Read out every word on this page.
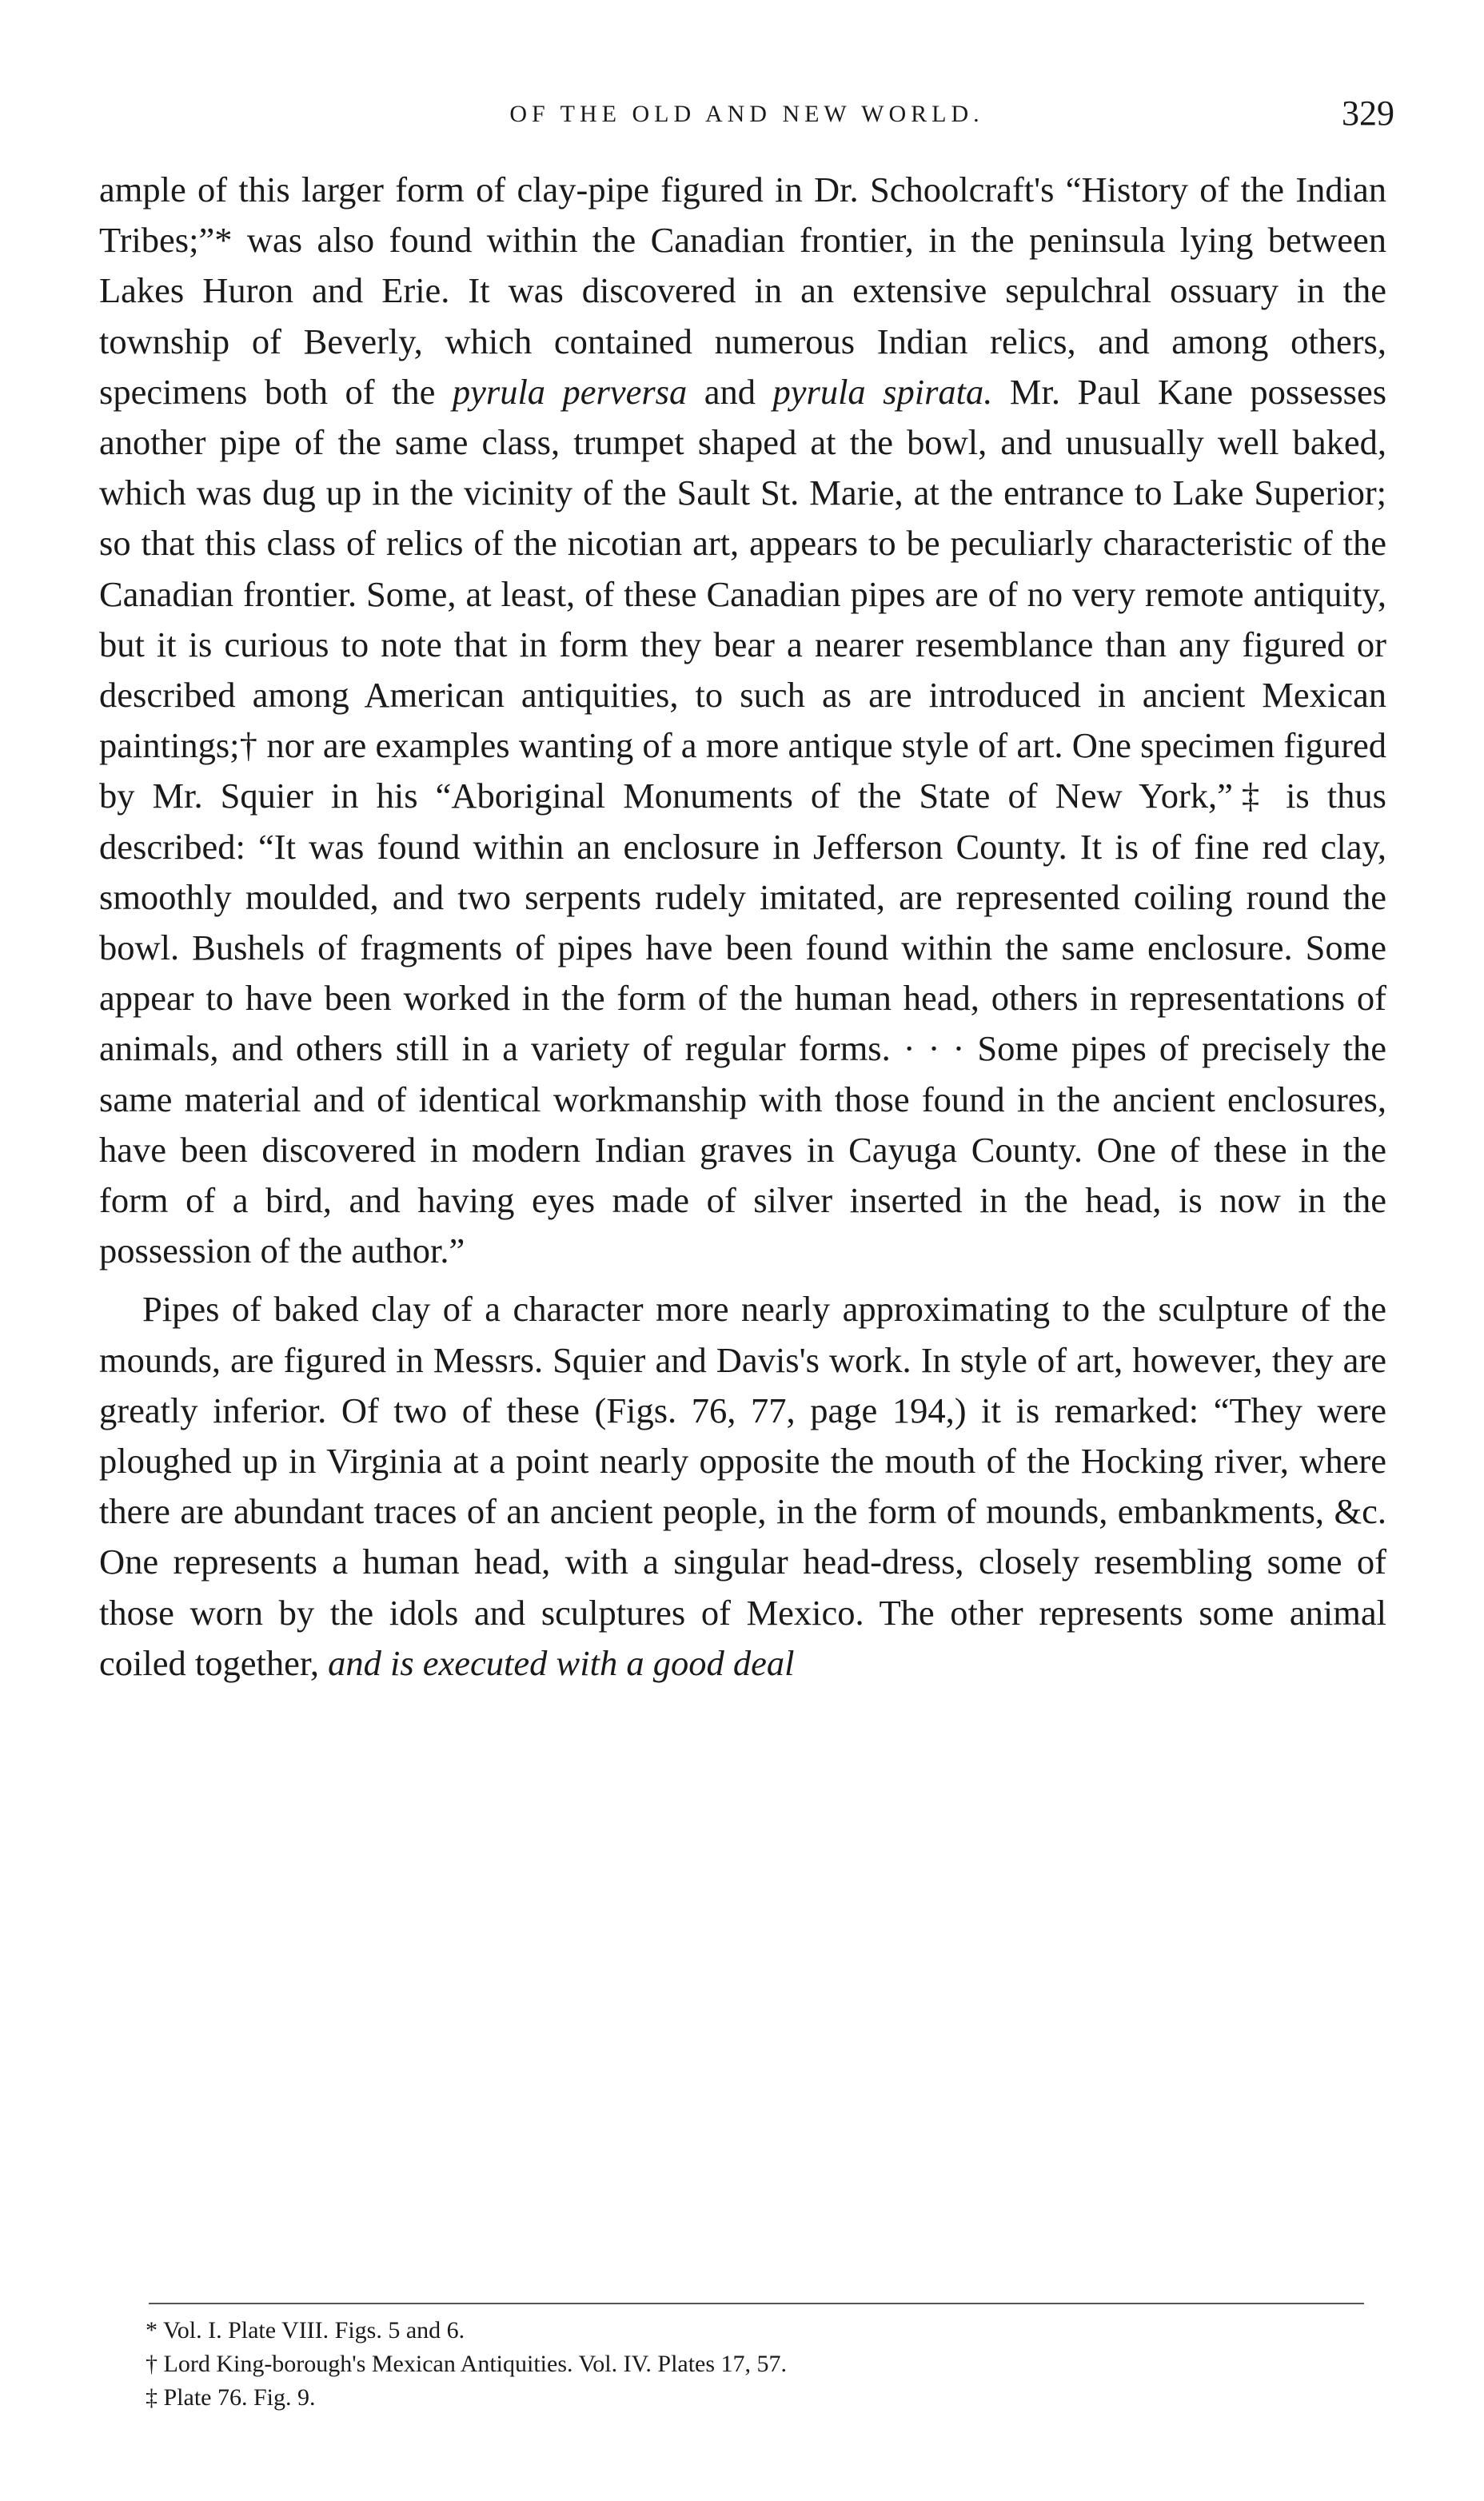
OF THE OLD AND NEW WORLD.	329

ample of this larger form of clay-pipe figured in Dr. Schoolcraft's “History of the Indian Tribes;”* was also found within the Canadian frontier, in the peninsula lying between Lakes Huron and Erie. It was discovered in an extensive sepulchral ossuary in the township of Beverly, which contained numerous Indian relics, and among others, specimens both of the pyrula perversa and pyrula spirata. Mr. Paul Kane possesses another pipe of the same class, trumpet shaped at the bowl, and unusually well baked, which was dug up in the vicinity of the Sault St. Marie, at the entrance to Lake Superior; so that this class of relics of the nicotian art, appears to be peculiarly characteristic of the Canadian frontier. Some, at least, of these Canadian pipes are of no very remote antiquity, but it is curious to note that in form they bear a nearer resemblance than any figured or described among American antiquities, to such as are introduced in ancient Mexican paintings;† nor are examples wanting of a more antique style of art. One specimen figured by Mr. Squier in his “Aboriginal Monuments of the State of New York,”‡ is thus described: “It was found within an enclosure in Jefferson County. It is of fine red clay, smoothly moulded, and two serpents rudely imitated, are represented coiling round the bowl. Bushels of fragments of pipes have been found within the same enclosure. Some appear to have been worked in the form of the human head, others in representations of animals, and others still in a variety of regular forms. · · · Some pipes of precisely the same material and of identical workmanship with those found in the ancient enclosures, have been discovered in modern Indian graves in Cayuga County. One of these in the form of a bird, and having eyes made of silver inserted in the head, is now in the possession of the author.”

Pipes of baked clay of a character more nearly approximating to the sculpture of the mounds, are figured in Messrs. Squier and Davis's work. In style of art, however, they are greatly inferior. Of two of these (Figs. 76, 77, page 194,) it is remarked: “They were ploughed up in Virginia at a point nearly opposite the mouth of the Hocking river, where there are abundant traces of an ancient people, in the form of mounds, embankments, &c. One represents a human head, with a singular head-dress, closely resembling some of those worn by the idols and sculptures of Mexico. The other represents some animal coiled together, and is executed with a good deal

* Vol. I. Plate VIII. Figs. 5 and 6.
† Lord King-borough's Mexican Antiquities. Vol. IV. Plates 17, 57.
‡ Plate 76. Fig. 9.
